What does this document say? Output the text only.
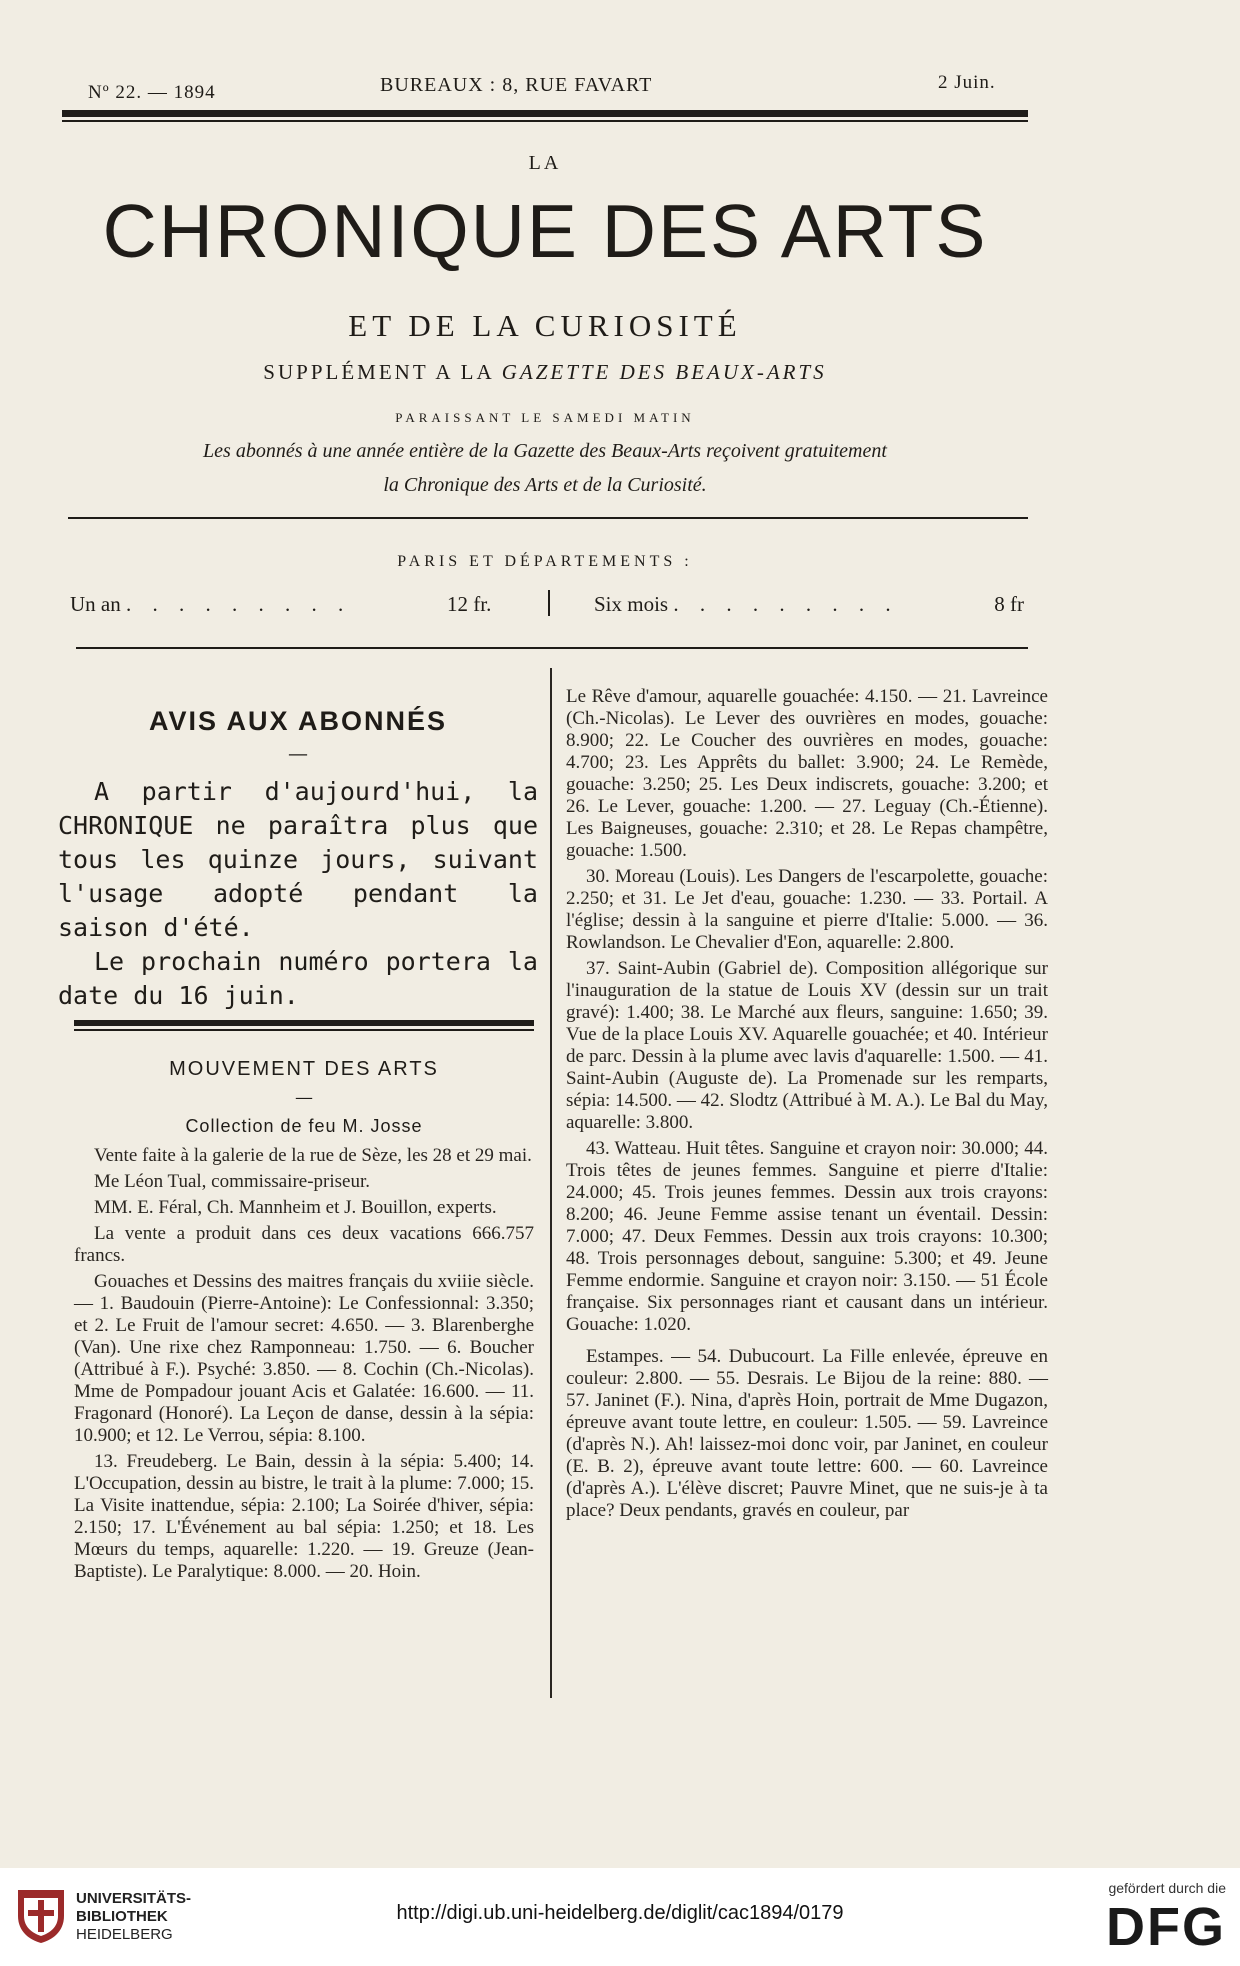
Nº 22. — 1894	BUREAUX : 8, RUE FAVART	2 Juin.
LA
CHRONIQUE DES ARTS
ET DE LA CURIOSITÉ
SUPPLÉMENT A LA GAZETTE DES BEAUX-ARTS
PARAISSANT LE SAMEDI MATIN
Les abonnés à une année entière de la Gazette des Beaux-Arts reçoivent gratuitement
la Chronique des Arts et de la Curiosité.
PARIS ET DÉPARTEMENTS :
Un an . . . . . . . . .	12 fr.	Six mois . . . . . . . . .	8 fr
AVIS AUX ABONNÉS
—

A partir d'aujourd'hui, la CHRONIQUE ne paraîtra plus que tous les quinze jours, suivant l'usage adopté pendant la saison d'été.

Le prochain numéro portera la date du 16 juin.

MOUVEMENT DES ARTS
—
Collection de feu M. Josse

Vente faite à la galerie de la rue de Sèze, les 28 et 29 mai.

Me Léon Tual, commissaire-priseur.

MM. E. Féral, Ch. Mannheim et J. Bouillon, experts.

La vente a produit dans ces deux vacations 666.757 francs.

Gouaches et Dessins des maitres français du xviiie siècle. — 1. Baudouin (Pierre-Antoine): Le Confessionnal: 3.350; et 2. Le Fruit de l'amour secret: 4.650. — 3. Blarenberghe (Van). Une rixe chez Ramponneau: 1.750. — 6. Boucher (Attribué à F.). Psyché: 3.850. — 8. Cochin (Ch.-Nicolas). Mme de Pompadour jouant Acis et Galatée: 16.600. — 11. Fragonard (Honoré). La Leçon de danse, dessin à la sépia: 10.900; et 12. Le Verrou, sépia: 8.100.

13. Freudeberg. Le Bain, dessin à la sépia: 5.400; 14. L'Occupation, dessin au bistre, le trait à la plume: 7.000; 15. La Visite inattendue, sépia: 2.100; La Soirée d'hiver, sépia: 2.150; 17. L'Événement au bal sépia: 1.250; et 18. Les Mœurs du temps, aquarelle: 1.220. — 19. Greuze (Jean-Baptiste). Le Paralytique: 8.000. — 20. Hoin.

Le Rêve d'amour, aquarelle gouachée: 4.150. — 21. Lavreince (Ch.-Nicolas). Le Lever des ouvrières en modes, gouache: 8.900; 22. Le Coucher des ouvrières en modes, gouache: 4.700; 23. Les Apprêts du ballet: 3.900; 24. Le Remède, gouache: 3.250; 25. Les Deux indiscrets, gouache: 3.200; et 26. Le Lever, gouache: 1.200. — 27. Leguay (Ch.-Étienne). Les Baigneuses, gouache: 2.310; et 28. Le Repas champêtre, gouache: 1.500.

30. Moreau (Louis). Les Dangers de l'escarpolette, gouache: 2.250; et 31. Le Jet d'eau, gouache: 1.230. — 33. Portail. A l'église; dessin à la sanguine et pierre d'Italie: 5.000. — 36. Rowlandson. Le Chevalier d'Eon, aquarelle: 2.800.

37. Saint-Aubin (Gabriel de). Composition allégorique sur l'inauguration de la statue de Louis XV (dessin sur un trait gravé): 1.400; 38. Le Marché aux fleurs, sanguine: 1.650; 39. Vue de la place Louis XV. Aquarelle gouachée; et 40. Intérieur de parc. Dessin à la plume avec lavis d'aquarelle: 1.500. — 41. Saint-Aubin (Auguste de). La Promenade sur les remparts, sépia: 14.500. — 42. Slodtz (Attribué à M. A.). Le Bal du May, aquarelle: 3.800.

43. Watteau. Huit têtes. Sanguine et crayon noir: 30.000; 44. Trois têtes de jeunes femmes. Sanguine et pierre d'Italie: 24.000; 45. Trois jeunes femmes. Dessin aux trois crayons: 8.200; 46. Jeune Femme assise tenant un éventail. Dessin: 7.000; 47. Deux Femmes. Dessin aux trois crayons: 10.300; 48. Trois personnages debout, sanguine: 5.300; et 49. Jeune Femme endormie. Sanguine et crayon noir: 3.150. — 51 École française. Six personnages riant et causant dans un intérieur. Gouache: 1.020.

Estampes. — 54. Dubucourt. La Fille enlevée, épreuve en couleur: 2.800. — 55. Desrais. Le Bijou de la reine: 880. — 57. Janinet (F.). Nina, d'après Hoin, portrait de Mme Dugazon, épreuve avant toute lettre, en couleur: 1.505. — 59. Lavreince (d'après N.). Ah! laissez-moi donc voir, par Janinet, en couleur (E. B. 2), épreuve avant toute lettre: 600. — 60. Lavreince (d'après A.). L'élève discret; Pauvre Minet, que ne suis-je à ta place? Deux pendants, gravés en couleur, par

UNIVERSITÄTS-
BIBLIOTHEK
HEIDELBERG
http://digi.ub.uni-heidelberg.de/diglit/cac1894/0179
gefördert durch die
DFG
